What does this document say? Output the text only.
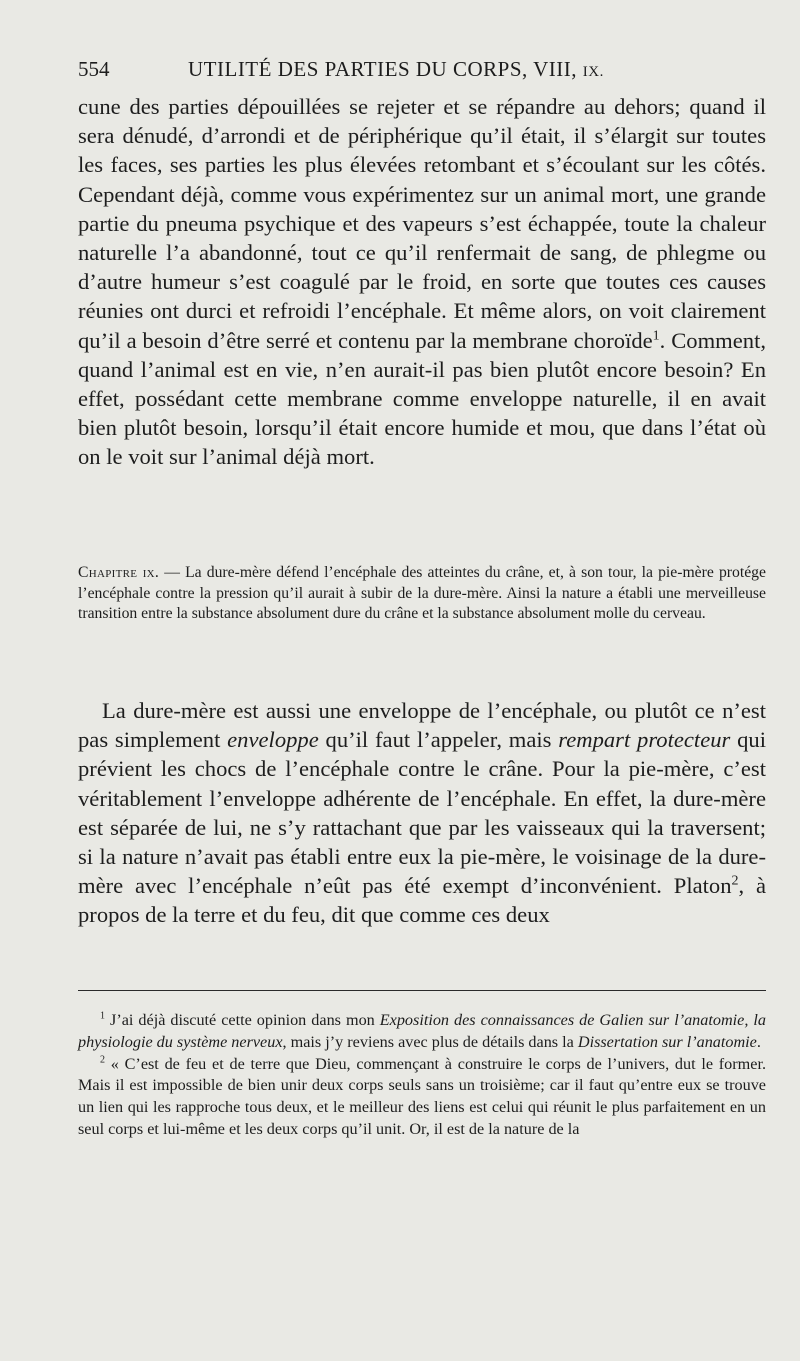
554	UTILITÉ DES PARTIES DU CORPS, VIII, IX.

cune des parties dépouillées se rejeter et se répandre au dehors; quand il sera dénudé, d’arrondi et de périphérique qu’il était, il s’élargit sur toutes les faces, ses parties les plus élevées retombant et s’écoulant sur les côtés. Cependant déjà, comme vous expérimentez sur un animal mort, une grande partie du pneuma psychique et des vapeurs s’est échappée, toute la chaleur naturelle l’a abandonné, tout ce qu’il renfermait de sang, de phlegme ou d’autre humeur s’est coagulé par le froid, en sorte que toutes ces causes réunies ont durci et refroidi l’encéphale. Et même alors, on voit clairement qu’il a besoin d’être serré et contenu par la membrane choroïde$^1$. Comment, quand l’animal est en vie, n’en aurait-il pas bien plutôt encore besoin? En effet, possédant cette membrane comme enveloppe naturelle, il en avait bien plutôt besoin, lorsqu’il était encore humide et mou, que dans l’état où on le voit sur l’animal déjà mort.

Chapitre ix. — La dure-mère défend l’encéphale des atteintes du crâne, et, à son tour, la pie-mère protége l’encéphale contre la pression qu’il aurait à subir de la dure-mère. Ainsi la nature a établi une merveilleuse transition entre la substance absolument dure du crâne et la substance absolument molle du cerveau.

La dure-mère est aussi une enveloppe de l’encéphale, ou plutôt ce n’est pas simplement enveloppe qu’il faut l’appeler, mais rempart protecteur qui prévient les chocs de l’encéphale contre le crâne. Pour la pie-mère, c’est véritablement l’enveloppe adhérente de l’encéphale. En effet, la dure-mère est séparée de lui, ne s’y rattachant que par les vaisseaux qui la traversent; si la nature n’avait pas établi entre eux la pie-mère, le voisinage de la dure-mère avec l’encéphale n’eût pas été exempt d’inconvénient. Platon$^2$, à propos de la terre et du feu, dit que comme ces deux

$^1$ J’ai déjà discuté cette opinion dans mon Exposition des connaissances de Galien sur l’anatomie, la physiologie du système nerveux, mais j’y reviens avec plus de détails dans la Dissertation sur l’anatomie.

$^2$ « C’est de feu et de terre que Dieu, commençant à construire le corps de l’univers, dut le former. Mais il est impossible de bien unir deux corps seuls sans un troisième; car il faut qu’entre eux se trouve un lien qui les rapproche tous deux, et le meilleur des liens est celui qui réunit le plus parfaitement en un seul corps et lui-même et les deux corps qu’il unit. Or, il est de la nature de la
